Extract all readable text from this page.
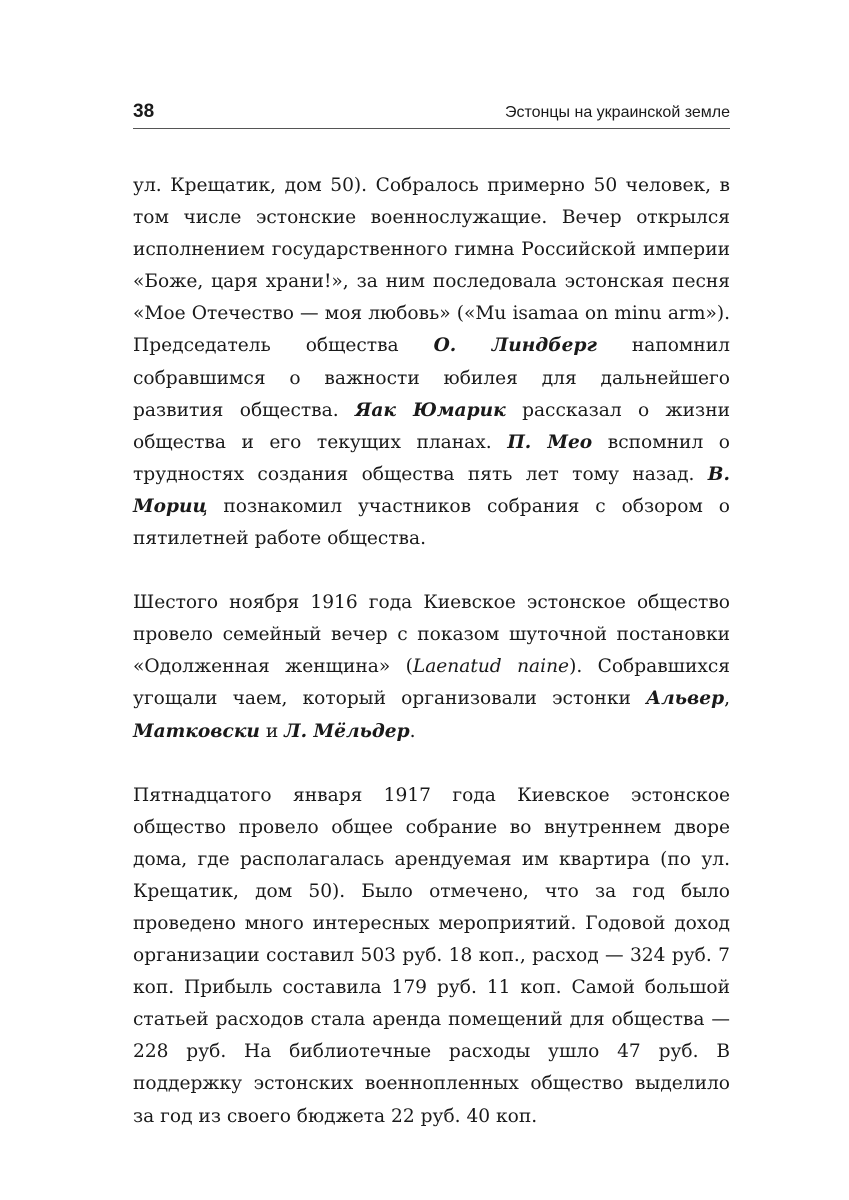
38	Эстонцы на украинской земле

ул. Крещатик, дом 50). Собралось примерно 50 человек, в том числе эстонские военнослужащие. Вечер открылся исполнением государственного гимна Российской империи «Боже, царя храни!», за ним последовала эстонская песня «Мое Отечество — моя любовь» («Mu isamaa on minu arm»). Председатель общества О. Линдберг напомнил собравшимся о важности юбилея для дальнейшего развития общества. Яак Юмарик рассказал о жизни общества и его текущих планах. П. Мео вспомнил о трудностях создания общества пять лет тому назад. В. Мориц познакомил участников собрания с обзором о пятилетней работе общества.

Шестого ноября 1916 года Киевское эстонское общество провело семейный вечер с показом шуточной постановки «Одолженная женщина» (Laenatud naine). Собравшихся угощали чаем, который организовали эстонки Альвер, Матковски и Л. Мёльдер.

Пятнадцатого января 1917 года Киевское эстонское общество провело общее собрание во внутреннем дворе дома, где располагалась арендуемая им квартира (по ул. Крещатик, дом 50). Было отмечено, что за год было проведено много интересных мероприятий. Годовой доход организации составил 503 руб. 18 коп., расход — 324 руб. 7 коп. Прибыль составила 179 руб. 11 коп. Самой большой статьей расходов стала аренда помещений для общества — 228 руб. На библиотечные расходы ушло 47 руб. В поддержку эстонских военнопленных общество выделило за год из своего бюджета 22 руб. 40 коп.
